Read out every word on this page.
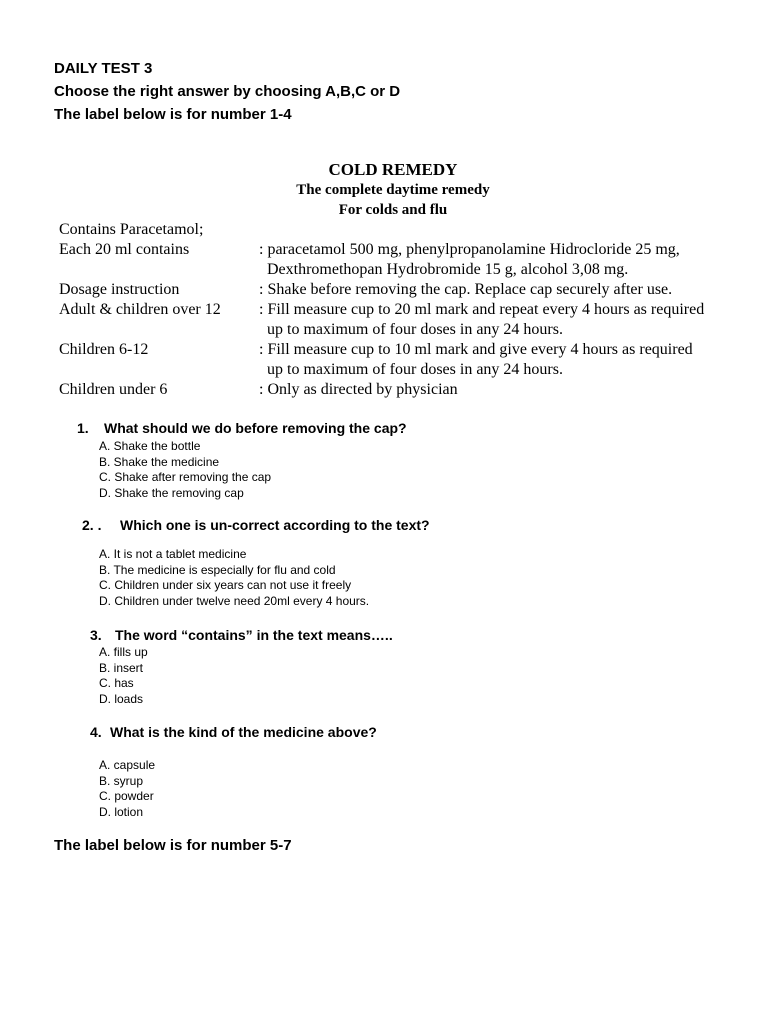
DAILY TEST 3
Choose the right answer by choosing A,B,C or D
The label below is for number 1-4
COLD REMEDY
The complete daytime remedy
For colds and flu
Contains Paracetamol;
Each 20 ml contains	: paracetamol 500 mg, phenylpropanolamine Hidrocloride 25 mg,
Dexthromethopan Hydrobromide 15 g, alcohol 3,08 mg.
Dosage instruction	: Shake before removing the cap. Replace cap securely after use.
Adult & children over 12 : Fill measure cup to 20 ml mark and repeat every 4 hours as required
up to maximum of four doses in any 24 hours.
Children 6-12	: Fill measure cup to 10 ml mark and give every 4 hours as required
up to maximum of four doses in any 24 hours.
Children under 6	: Only as directed by physician
1. What should we do before removing the cap?
A. Shake the bottle
B. Shake the medicine
C. Shake after removing the cap
D. Shake the removing cap
2. . Which one is un-correct according to the text?
A. It is not a tablet medicine
B. The medicine is especially for flu and cold
C. Children under six years can not use it freely
D. Children under twelve need 20ml every 4 hours.
3. The word “contains” in the text means…..
A. fills up
B. insert
C. has
D. loads
4. What is the kind of the medicine above?
A. capsule
B. syrup
C. powder
D. lotion
The label below is for number 5-7
